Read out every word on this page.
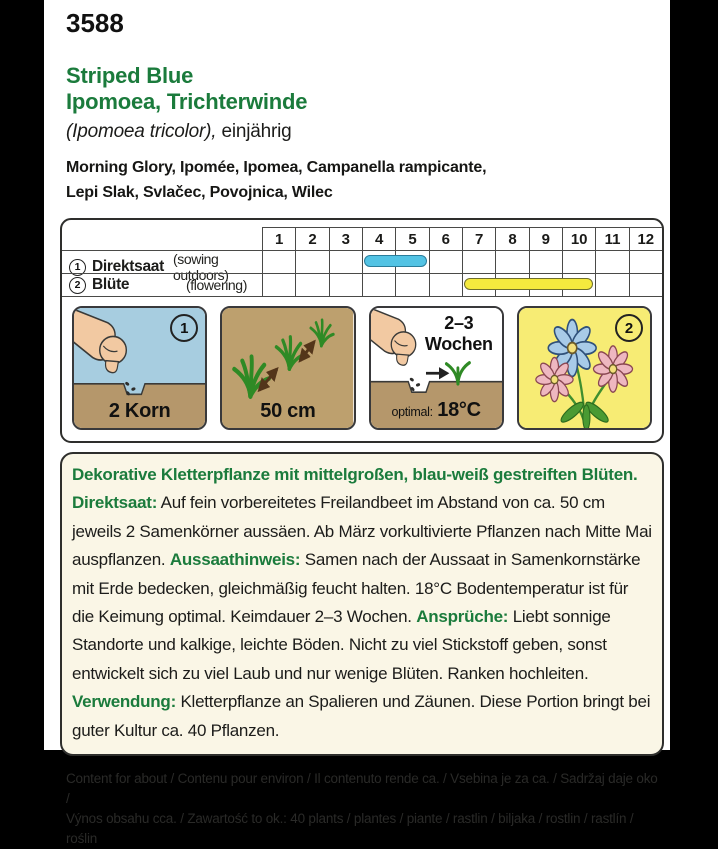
3588
Striped Blue
Ipomoea, Trichterwinde
(Ipomoea tricolor), einjährig
Morning Glory, Ipomée, Ipomea, Campanella rampicante,
Lepi Slak, Svlačec, Povojnica, Wilec
1	2	3	4	5	6	7	8	9	10	11	12
1 Direktsaat (sowing outdoors)
2 Blüte	(flowering)
1
2 Korn	50 cm
2–3
Wochen
optimal: 18°C
2

Dekorative Kletterpflanze mit mittelgroßen, blau-weiß gestreiften Blüten.
Direktsaat: Auf fein vorbereitetes Freilandbeet im Abstand von ca. 50 cm jeweils 2 Samenkörner aussäen. Ab März vorkultivierte Pflanzen nach Mitte Mai auspflanzen. Aussaathinweis: Samen nach der Aussaat in Samenkornstärke mit Erde bedecken, gleichmäßig feucht halten. 18°C Bodentemperatur ist für die Keimung optimal. Keimdauer 2–3 Wochen. Ansprüche: Liebt sonnige Standorte und kalkige, leichte Böden. Nicht zu viel Stickstoff geben, sonst entwickelt sich zu viel Laub und nur wenige Blüten. Ranken hochleiten. Verwendung: Kletterpflanze an Spalieren und Zäunen. Diese Portion bringt bei guter Kultur ca. 40 Pflanzen.

Content for about / Contenu pour environ / Il contenuto rende ca. / Vsebina je za ca. / Sadržaj daje oko /
Výnos obsahu cca. / Zawartość to ok.: 40 plants / plantes / piante / rastlin / biljaka / rostlin / rastlín / roślin
